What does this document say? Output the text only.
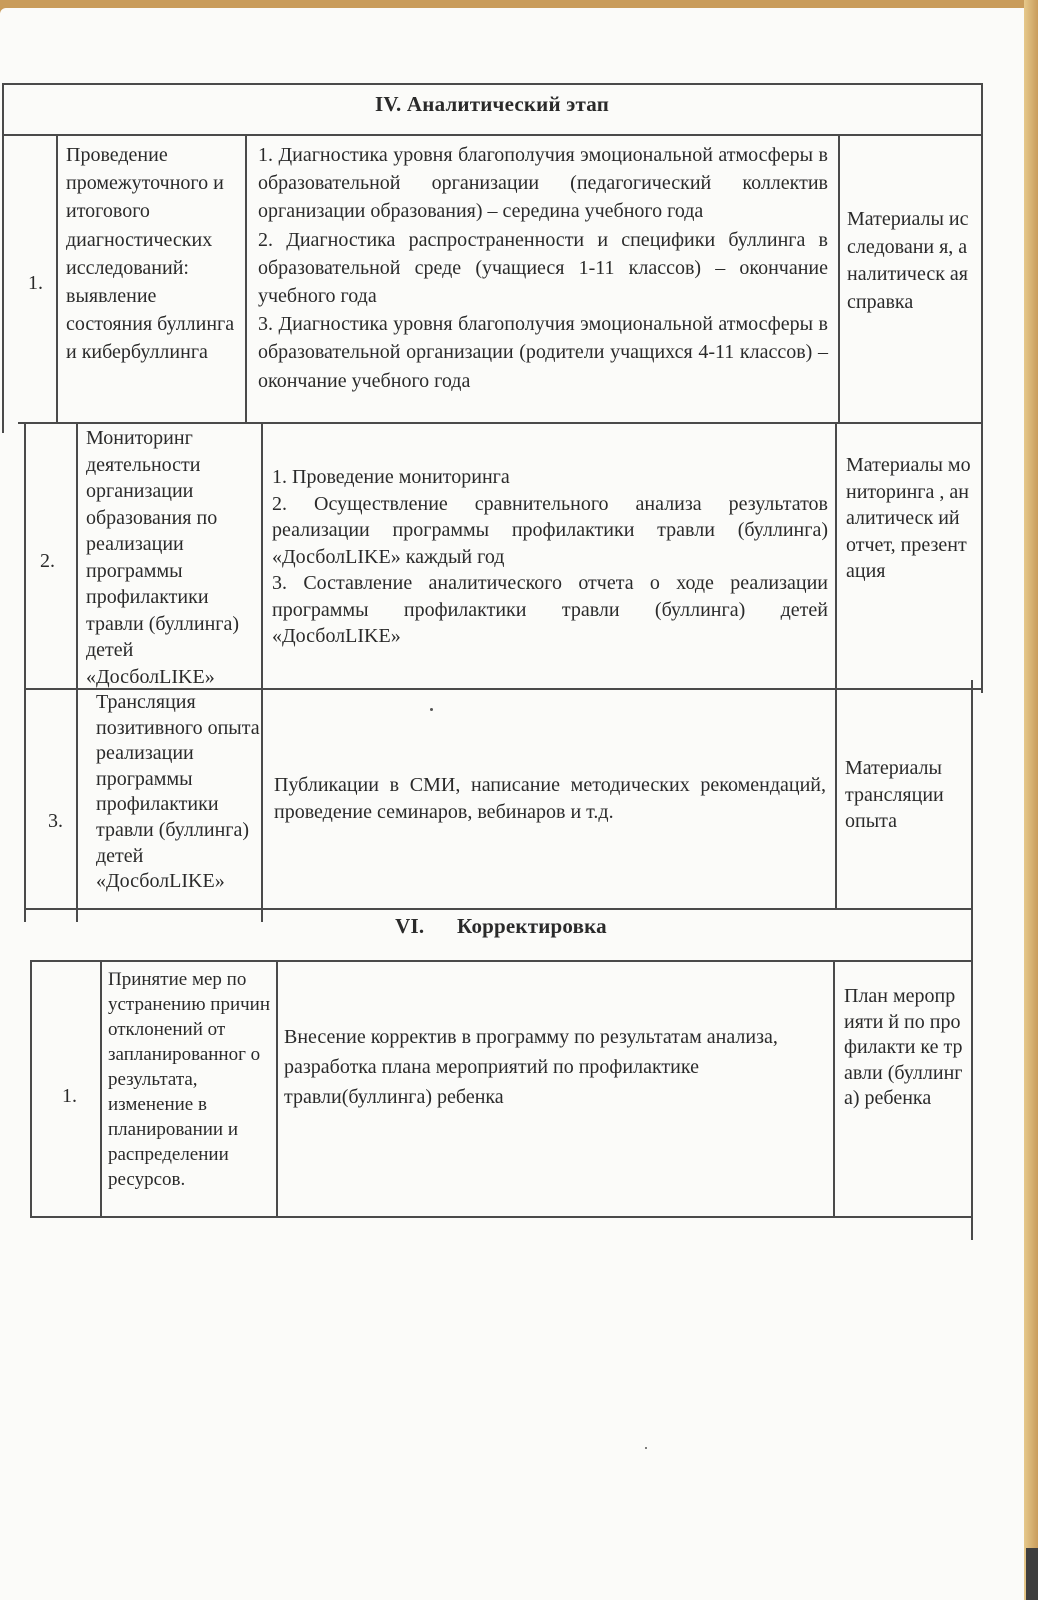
IV. Аналитический этап
1.
Проведение промежуточного и итогового диагностических исследований: выявление состояния буллинга и кибербуллинга
1. Диагностика уровня благополучия эмоциональной атмосферы в образовательной организации (педагогический коллектив организации образования) – середина учебного года
2. Диагностика распространенности и специфики буллинга в образовательной среде (учащиеся 1-11 классов) – окончание учебного года
3. Диагностика уровня благополучия эмоциональной атмосферы в образовательной организации (родители учащихся 4-11 классов) – окончание учебного года
Материалы исследовани я, аналитическ ая справка
2.
Мониторинг деятельности организации образования по реализации программы профилактики травли (буллинга) детей «ДосболLIKE»
1. Проведение мониторинга
2. Осуществление сравнительного анализа результатов реализации программы профилактики травли (буллинга) «ДосболLIKE» каждый год
3. Составление аналитического отчета о ходе реализации программы профилактики травли (буллинга) детей «ДосболLIKE»
Материалы мониторинга , аналитическ ий отчет, презентация
3.
Трансляция позитивного опыта реализации программы профилактики травли (буллинга) детей «ДосболLIKE»
Публикации в СМИ, написание методических рекомендаций, проведение семинаров, вебинаров и т.д.
Материалы трансляции опыта
VI.      Корректировка
1.
Принятие мер по устранению причин отклонений от запланированног о результата, изменение в планировании и распределении ресурсов.
Внесение корректив в программу по результатам анализа, разработка плана мероприятий по профилактике травли(буллинга) ребенка
План мероприяти й по профилакти ке травли (буллинга) ребенка
